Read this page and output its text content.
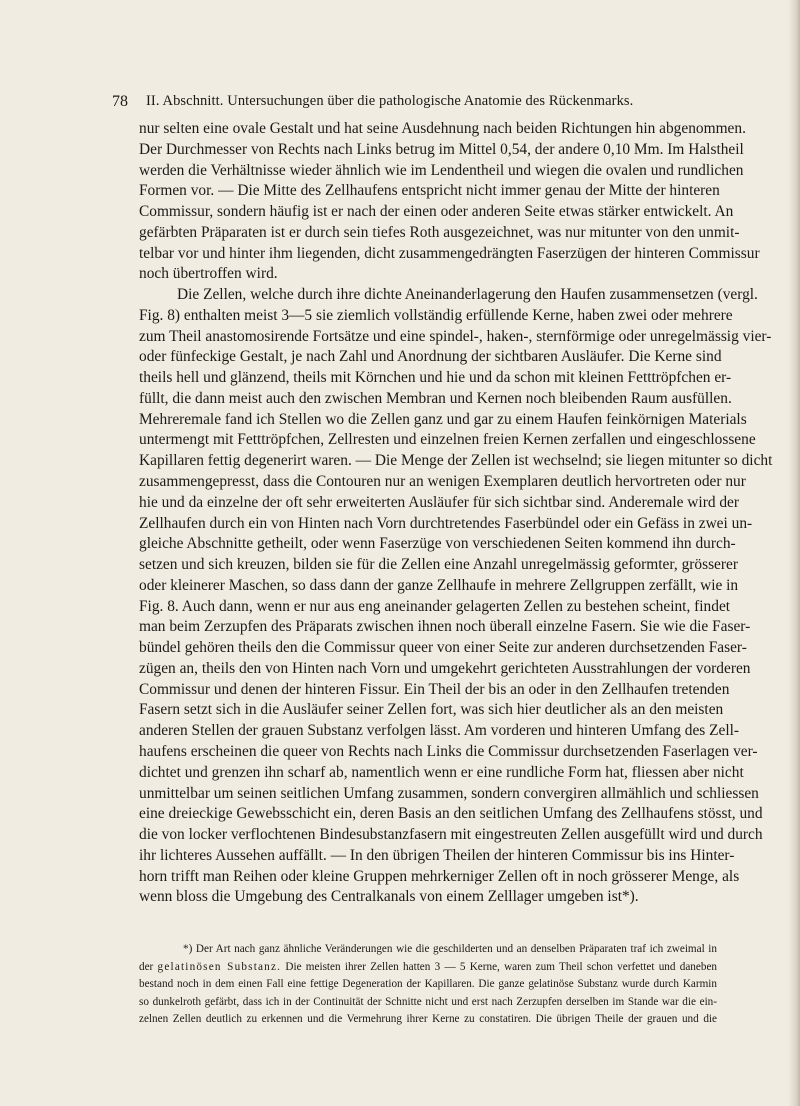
78 II. Abschnitt. Untersuchungen über die pathologische Anatomie des Rückenmarks.
nur selten eine ovale Gestalt und hat seine Ausdehnung nach beiden Richtungen hin abgenommen.
Der Durchmesser von Rechts nach Links betrug im Mittel 0,54, der andere 0,10 Mm. Im Halstheil
werden die Verhältnisse wieder ähnlich wie im Lendentheil und wiegen die ovalen und rundlichen
Formen vor. — Die Mitte des Zellhaufens entspricht nicht immer genau der Mitte der hinteren
Commissur, sondern häufig ist er nach der einen oder anderen Seite etwas stärker entwickelt. An
gefärbten Präparaten ist er durch sein tiefes Roth ausgezeichnet, was nur mitunter von den unmit-
telbar vor und hinter ihm liegenden, dicht zusammengedrängten Faserzügen der hinteren Commissur
noch übertroffen wird.
Die Zellen, welche durch ihre dichte Aneinanderlagerung den Haufen zusammensetzen (vergl.
Fig. 8) enthalten meist 3—5 sie ziemlich vollständig erfüllende Kerne, haben zwei oder mehrere
zum Theil anastomosirende Fortsätze und eine spindel-, haken-, sternförmige oder unregelmässig vier-
oder fünfeckige Gestalt, je nach Zahl und Anordnung der sichtbaren Ausläufer. Die Kerne sind
theils hell und glänzend, theils mit Körnchen und hie und da schon mit kleinen Fetttröpfchen er-
füllt, die dann meist auch den zwischen Membran und Kernen noch bleibenden Raum ausfüllen.
Mehreremale fand ich Stellen wo die Zellen ganz und gar zu einem Haufen feinkörnigen Materials
untermengt mit Fetttröpfchen, Zellresten und einzelnen freien Kernen zerfallen und eingeschlossene
Kapillaren fettig degenerirt waren. — Die Menge der Zellen ist wechselnd; sie liegen mitunter so dicht
zusammengepresst, dass die Contouren nur an wenigen Exemplaren deutlich hervortreten oder nur
hie und da einzelne der oft sehr erweiterten Ausläufer für sich sichtbar sind. Anderemale wird der
Zellhaufen durch ein von Hinten nach Vorn durchtretendes Faserbündel oder ein Gefäss in zwei un-
gleiche Abschnitte getheilt, oder wenn Faserzüge von verschiedenen Seiten kommend ihn durch-
setzen und sich kreuzen, bilden sie für die Zellen eine Anzahl unregelmässig geformter, grösserer
oder kleinerer Maschen, so dass dann der ganze Zellhaufe in mehrere Zellgruppen zerfällt, wie in
Fig. 8. Auch dann, wenn er nur aus eng aneinander gelagerten Zellen zu bestehen scheint, findet
man beim Zerzupfen des Präparats zwischen ihnen noch überall einzelne Fasern. Sie wie die Faser-
bündel gehören theils den die Commissur queer von einer Seite zur anderen durchsetzenden Faser-
zügen an, theils den von Hinten nach Vorn und umgekehrt gerichteten Ausstrahlungen der vorderen
Commissur und denen der hinteren Fissur. Ein Theil der bis an oder in den Zellhaufen tretenden
Fasern setzt sich in die Ausläufer seiner Zellen fort, was sich hier deutlicher als an den meisten
anderen Stellen der grauen Substanz verfolgen lässt. Am vorderen und hinteren Umfang des Zell-
haufens erscheinen die queer von Rechts nach Links die Commissur durchsetzenden Faserlagen ver-
dichtet und grenzen ihn scharf ab, namentlich wenn er eine rundliche Form hat, fliessen aber nicht
unmittelbar um seinen seitlichen Umfang zusammen, sondern convergiren allmählich und schliessen
eine dreieckige Gewebsschicht ein, deren Basis an den seitlichen Umfang des Zellhaufens stösst, und
die von locker verflochtenen Bindesubstanzfasern mit eingestreuten Zellen ausgefüllt wird und durch
ihr lichteres Aussehen auffällt. — In den übrigen Theilen der hinteren Commissur bis ins Hinter-
horn trifft man Reihen oder kleine Gruppen mehrkerniger Zellen oft in noch grösserer Menge, als
wenn bloss die Umgebung des Centralkanals von einem Zelllager umgeben ist*).
*) Der Art nach ganz ähnliche Veränderungen wie die geschilderten und an denselben Präparaten traf ich zweimal in
der gelatinösen Substanz. Die meisten ihrer Zellen hatten 3 — 5 Kerne, waren zum Theil schon verfettet und daneben
bestand noch in dem einen Fall eine fettige Degeneration der Kapillaren. Die ganze gelatinöse Substanz wurde durch Karmin
so dunkelroth gefärbt, dass ich in der Continuität der Schnitte nicht und erst nach Zerzupfen derselben im Stande war die ein-
zelnen Zellen deutlich zu erkennen und die Vermehrung ihrer Kerne zu constatiren. Die übrigen Theile der grauen und die
